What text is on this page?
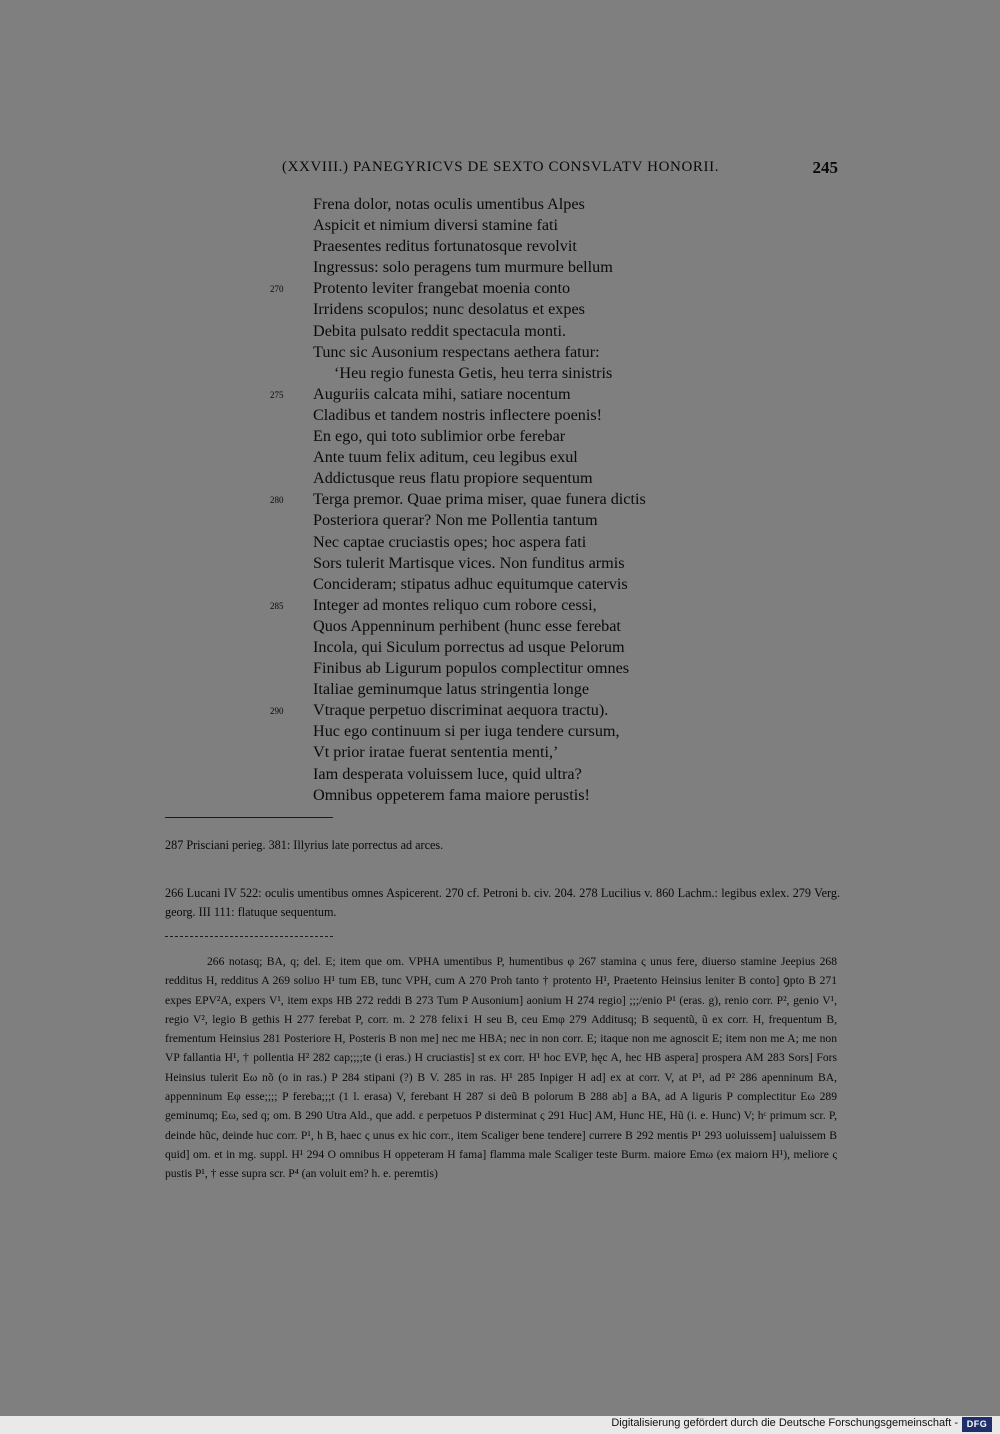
(XXVIII.) PANEGYRICVS DE SEXTO CONSVLATV HONORII.	245
Frena dolor, notas oculis umentibus Alpes
Aspicit et nimium diversi stamine fati
Praesentes reditus fortunatosque revolvit
Ingressus: solo peragens tum murmure bellum
270	Protento leviter frangebat moenia conto
Irridens scopulos; nunc desolatus et expes
Debita pulsato reddit spectacula monti.
Tunc sic Ausonium respectans aethera fatur:
‘Heu regio funesta Getis, heu terra sinistris
275	Auguriis calcata mihi, satiare nocentum
Cladibus et tandem nostris inflectere poenis!
En ego, qui toto sublimior orbe ferebar
Ante tuum felix aditum, ceu legibus exul
Addictusque reus flatu propiore sequentum
280	Terga premor. Quae prima miser, quae funera dictis
Posteriora querar? Non me Pollentia tantum
Nec captae cruciastis opes; hoc aspera fati
Sors tulerit Martisque vices. Non funditus armis
Concideram; stipatus adhuc equitumque catervis
285	Integer ad montes reliquo cum robore cessi,
Quos Appenninum perhibent (hunc esse ferebat
Incola, qui Siculum porrectus ad usque Pelorum
Finibus ab Ligurum populos complectitur omnes
Italiae geminumque latus stringentia longe
290	Vtraque perpetuo discriminat aequora tractu).
Huc ego continuum si per iuga tendere cursum,
Vt prior iratae fuerat sententia menti,’
Iam desperata voluissem luce, quid ultra?
Omnibus oppeterem fama maiore perustis!
287 Prisciani perieg. 381: Illyrius late porrectus ad arces.
266 Lucani IV 522: oculis umentibus omnes Aspicerent. 270 cf. Petroni b. civ. 204. 278 Lucilius v. 860 Lachm.: legibus exlex. 279 Verg. georg. III 111: flatuque sequentum.
266 notasq; BA, q; del. E; item que om. VPHA umentibus P, humentibus φ 267 stamina ς unus fere, diuerso stamine Jeepius 268 redditus H, redditus A 269 soliᴊo H¹ tum EB, tunc VPH, cum A 270 Proh tanto † protento H¹, Praetento Heinsius leniter B conto] ꝯpto B 271 expes EPV²A, expers V¹, item exps HB 272 reddi B 273 Tum P Ausonium] aonium H 274 regio] ;;;/enio P¹ (eras. g), renio corr. P², genio V¹, regio V², legio B gethis H 277 ferebat P, corr. m. 2 278 felixⅰ H seu B, ceu Emφ 279 Additusq; B sequentũ, ũ ex corr. H, frequentum B, frementum Heinsius 281 Posteriore H, Posteris B non me] nec me HBA; nec in non corr. E; itaque non me agnoscit E; item non me A; me non VP fallantia H¹, † pollentia H² 282 cap;;;;te (i eras.) H cruciastis] st ex corr. H¹ hoc EVP, hęc A, hec HB aspera] prospera AM 283 Sors] Fors Heinsius tulerit Eω nõ (o in ras.) P 284 stipani (?) B V. 285 in ras. H¹ 285 Inpiger H ad] ex at corr. V, at P¹, ad P² 286 apenninum BA, appenninum Eφ esse;;;; P fereba;;;t (1 l. erasa) V, ferebant H 287 si deũ B polorum B 288 ab] a BA, ad A liguris P complectitur Eω 289 geminumq; Eω, sed q; om. B 290 Utra Ald., que add. ε perpetuos P disterminat ς 291 Huc] AM, Hunc HE, Hũ (i. e. Hunc) V; hᶜ primum scr. P, deinde hũc, deinde huc corr. P¹, h B, haec ς unus ex hic corr., item Scaliger bene tendere] currere B 292 mentiᵴ P¹ 293 uoluissem] ualuissem B quid] om. et in mg. suppl. H¹ 294 O omnibus H oppeteram H fama] flamma male Scaliger teste Burm. maiore Emω (ex maiorn H¹), meliore ς pustis P¹, † esse supra scr. P⁴ (an voluit em? h. e. peremtis)
Digitalisierung gefördert durch die Deutsche Forschungsgemeinschaft - DFG
